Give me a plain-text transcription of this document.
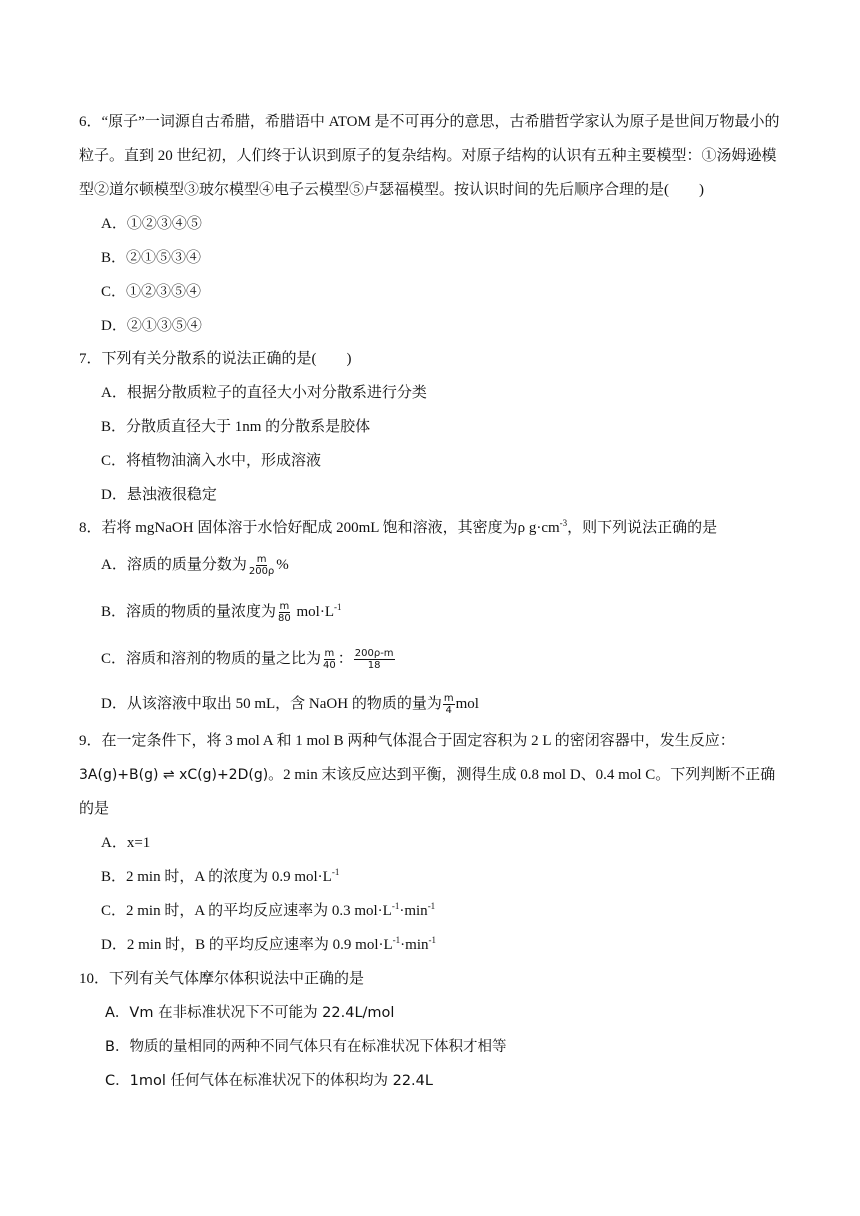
6．“原子”一词源自古希腊，希腊语中 ATOM 是不可再分的意思，古希腊哲学家认为原子是世间万物最小的
粒子。直到 20 世纪初，人们终于认识到原子的复杂结构。对原子结构的认识有五种主要模型：①汤姆逊模
型②道尔顿模型③玻尔模型④电子云模型⑤卢瑟福模型。按认识时间的先后顺序合理的是(　　)
A．①②③④⑤
B．②①⑤③④
C．①②③⑤④
D．②①③⑤④
7．下列有关分散系的说法正确的是(　　)
A．根据分散质粒子的直径大小对分散系进行分类
B．分散质直径大于 1nm 的分散系是胶体
C．将植物油滴入水中，形成溶液
D．悬浊液很稳定
8．若将 mgNaOH 固体溶于水恰好配成 200mL 饱和溶液，其密度为ρ $g\cdot cm^{-3}$，则下列说法正确的是
A．溶质的质量分数为 $\frac{m}{200\rho}$ %
B．溶质的物质的量浓度为 $\frac{m}{80} mol\cdot L^{-1}$
C．溶质和溶剂的物质的量之比为 $\frac{m}{40}$ ： $\frac{200\rho-m}{18}$
D．从该溶液中取出 50 mL，含 NaOH 的物质的量为 $\frac{m}{4}$ mol
9．在一定条件下，将 3 mol A 和 1 mol B 两种气体混合于固定容积为 2 L 的密闭容器中，发生反应：
3A(g)+B(g) ⇌ xC(g)+2D(g)。2 min 末该反应达到平衡，测得生成 0.8 mol D、0.4 mol C。下列判断不正确
的是
A．x=1
B．2 min 时，A 的浓度为 0.9 $mol\cdot L^{-1}$
C．2 min 时，A 的平均反应速率为 0.3 $mol\cdot L^{-1}\cdot\min^{-1}$
D．2 min 时，B 的平均反应速率为 0.9 $mol\cdot L^{-1}\cdot\min^{-1}$
10．下列有关气体摩尔体积说法中正确的是
A．Vm 在非标准状况下不可能为 22.4L/mol
B．物质的量相同的两种不同气体只有在标准状况下体积才相等
C．1mol 任何气体在标准状况下的体积均为 22.4L
